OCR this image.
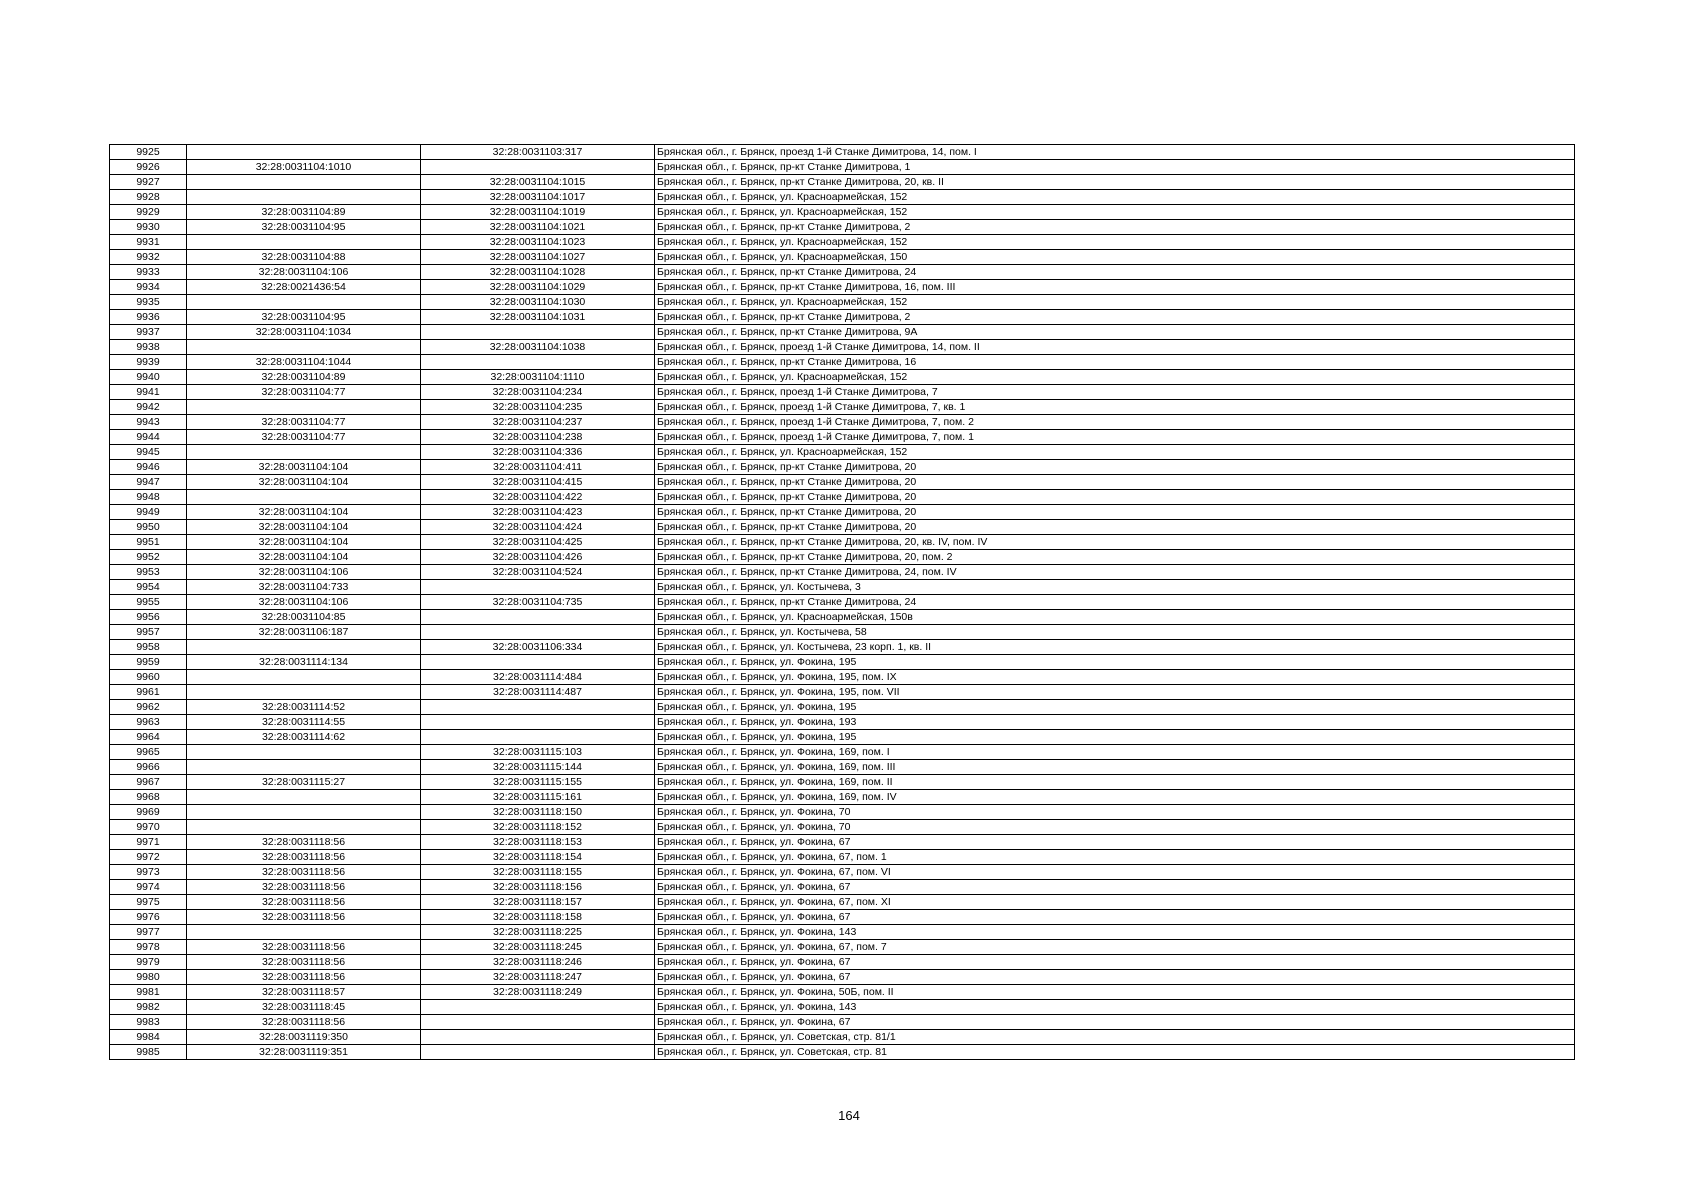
9925		32:28:0031103:317	Брянская обл., г. Брянск, проезд 1-й Станке Димитрова, 14, пом. I
9926	32:28:0031104:1010		Брянская обл., г. Брянск, пр-кт Станке Димитрова, 1
9927		32:28:0031104:1015	Брянская обл., г. Брянск, пр-кт Станке Димитрова, 20, кв. II
9928		32:28:0031104:1017	Брянская обл., г. Брянск, ул. Красноармейская, 152
9929	32:28:0031104:89	32:28:0031104:1019	Брянская обл., г. Брянск, ул. Красноармейская, 152
9930	32:28:0031104:95	32:28:0031104:1021	Брянская обл., г. Брянск, пр-кт Станке Димитрова, 2
9931		32:28:0031104:1023	Брянская обл., г. Брянск, ул. Красноармейская, 152
9932	32:28:0031104:88	32:28:0031104:1027	Брянская обл., г. Брянск, ул. Красноармейская, 150
9933	32:28:0031104:106	32:28:0031104:1028	Брянская обл., г. Брянск, пр-кт Станке Димитрова, 24
9934	32:28:0021436:54	32:28:0031104:1029	Брянская обл., г. Брянск, пр-кт Станке Димитрова, 16, пом. III
9935		32:28:0031104:1030	Брянская обл., г. Брянск, ул. Красноармейская, 152
9936	32:28:0031104:95	32:28:0031104:1031	Брянская обл., г. Брянск, пр-кт Станке Димитрова, 2
9937	32:28:0031104:1034		Брянская обл., г. Брянск, пр-кт Станке Димитрова, 9А
9938		32:28:0031104:1038	Брянская обл., г. Брянск, проезд 1-й Станке Димитрова, 14, пом. II
9939	32:28:0031104:1044		Брянская обл., г. Брянск, пр-кт Станке Димитрова, 16
9940	32:28:0031104:89	32:28:0031104:1110	Брянская обл., г. Брянск, ул. Красноармейская, 152
9941	32:28:0031104:77	32:28:0031104:234	Брянская обл., г. Брянск, проезд 1-й Станке Димитрова, 7
9942		32:28:0031104:235	Брянская обл., г. Брянск, проезд 1-й Станке Димитрова, 7, кв. 1
9943	32:28:0031104:77	32:28:0031104:237	Брянская обл., г. Брянск, проезд 1-й Станке Димитрова, 7, пом. 2
9944	32:28:0031104:77	32:28:0031104:238	Брянская обл., г. Брянск, проезд 1-й Станке Димитрова, 7, пом. 1
9945		32:28:0031104:336	Брянская обл., г. Брянск, ул. Красноармейская, 152
9946	32:28:0031104:104	32:28:0031104:411	Брянская обл., г. Брянск, пр-кт Станке Димитрова, 20
9947	32:28:0031104:104	32:28:0031104:415	Брянская обл., г. Брянск, пр-кт Станке Димитрова, 20
9948		32:28:0031104:422	Брянская обл., г. Брянск, пр-кт Станке Димитрова, 20
9949	32:28:0031104:104	32:28:0031104:423	Брянская обл., г. Брянск, пр-кт Станке Димитрова, 20
9950	32:28:0031104:104	32:28:0031104:424	Брянская обл., г. Брянск, пр-кт Станке Димитрова, 20
9951	32:28:0031104:104	32:28:0031104:425	Брянская обл., г. Брянск, пр-кт Станке Димитрова, 20, кв. IV, пом. IV
9952	32:28:0031104:104	32:28:0031104:426	Брянская обл., г. Брянск, пр-кт Станке Димитрова, 20, пом. 2
9953	32:28:0031104:106	32:28:0031104:524	Брянская обл., г. Брянск, пр-кт Станке Димитрова, 24, пом. IV
9954	32:28:0031104:733		Брянская обл., г. Брянск, ул. Костычева, 3
9955	32:28:0031104:106	32:28:0031104:735	Брянская обл., г. Брянск, пр-кт Станке Димитрова, 24
9956	32:28:0031104:85		Брянская обл., г. Брянск, ул. Красноармейская, 150в
9957	32:28:0031106:187		Брянская обл., г. Брянск, ул. Костычева, 58
9958		32:28:0031106:334	Брянская обл., г. Брянск, ул. Костычева, 23 корп. 1, кв. II
9959	32:28:0031114:134		Брянская обл., г. Брянск, ул. Фокина, 195
9960		32:28:0031114:484	Брянская обл., г. Брянск, ул. Фокина, 195, пом. IX
9961		32:28:0031114:487	Брянская обл., г. Брянск, ул. Фокина, 195, пом. VII
9962	32:28:0031114:52		Брянская обл., г. Брянск, ул. Фокина, 195
9963	32:28:0031114:55		Брянская обл., г. Брянск, ул. Фокина, 193
9964	32:28:0031114:62		Брянская обл., г. Брянск, ул. Фокина, 195
9965		32:28:0031115:103	Брянская обл., г. Брянск, ул. Фокина, 169, пом. I
9966		32:28:0031115:144	Брянская обл., г. Брянск, ул. Фокина, 169, пом. III
9967	32:28:0031115:27	32:28:0031115:155	Брянская обл., г. Брянск, ул. Фокина, 169, пом. II
9968		32:28:0031115:161	Брянская обл., г. Брянск, ул. Фокина, 169, пом. IV
9969		32:28:0031118:150	Брянская обл., г. Брянск, ул. Фокина, 70
9970		32:28:0031118:152	Брянская обл., г. Брянск, ул. Фокина, 70
9971	32:28:0031118:56	32:28:0031118:153	Брянская обл., г. Брянск, ул. Фокина, 67
9972	32:28:0031118:56	32:28:0031118:154	Брянская обл., г. Брянск, ул. Фокина, 67, пом. 1
9973	32:28:0031118:56	32:28:0031118:155	Брянская обл., г. Брянск, ул. Фокина, 67, пом. VI
9974	32:28:0031118:56	32:28:0031118:156	Брянская обл., г. Брянск, ул. Фокина, 67
9975	32:28:0031118:56	32:28:0031118:157	Брянская обл., г. Брянск, ул. Фокина, 67, пом. XI
9976	32:28:0031118:56	32:28:0031118:158	Брянская обл., г. Брянск, ул. Фокина, 67
9977		32:28:0031118:225	Брянская обл., г. Брянск, ул. Фокина, 143
9978	32:28:0031118:56	32:28:0031118:245	Брянская обл., г. Брянск, ул. Фокина, 67, пом. 7
9979	32:28:0031118:56	32:28:0031118:246	Брянская обл., г. Брянск, ул. Фокина, 67
9980	32:28:0031118:56	32:28:0031118:247	Брянская обл., г. Брянск, ул. Фокина, 67
9981	32:28:0031118:57	32:28:0031118:249	Брянская обл., г. Брянск, ул. Фокина, 50Б, пом. II
9982	32:28:0031118:45		Брянская обл., г. Брянск, ул. Фокина, 143
9983	32:28:0031118:56		Брянская обл., г. Брянск, ул. Фокина, 67
9984	32:28:0031119:350		Брянская обл., г. Брянск, ул. Советская, стр. 81/1
9985	32:28:0031119:351		Брянская обл., г. Брянск, ул. Советская, стр. 81
164
